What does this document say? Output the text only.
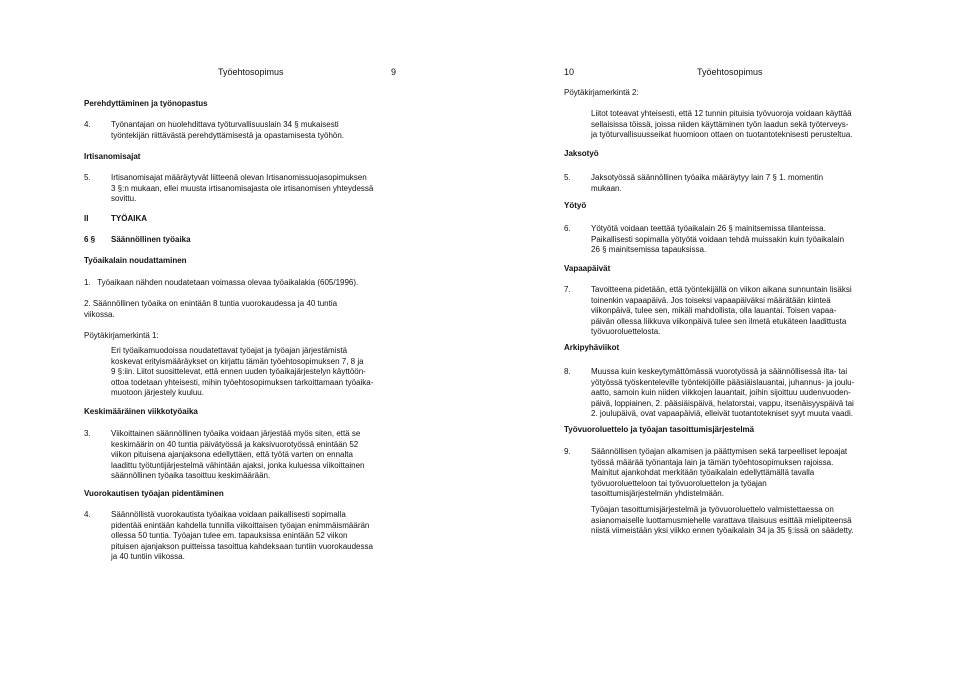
Työehtosopimus	9
Perehdyttäminen ja työnopastus
4.	Työnantajan on huolehdittava työturvallisuuslain 34 § mukaisesti
työntekijän riittävästä perehdyttämisestä ja opastamisesta työhön.
Irtisanomisajat
5.	Irtisanomisajat määräytyvät liitteenä olevan Irtisanomissuojasopimuksen
3 §:n mukaan, ellei muusta irtisanomisajasta ole irtisanomisen yhteydessä
sovittu.
II	TYÖAIKA
6 § Säännöllinen työaika
Työaikalain noudattaminen
1.   Työaikaan nähden noudatetaan voimassa olevaa työaikalakia (605/1996).
2. Säännöllinen työaika on enintään 8 tuntia vuorokaudessa ja 40 tuntia
viikossa.
Pöytäkirjamerkintä 1:
Eri työaikamuodoissa noudatettavat työajat ja työajan järjestämistä
koskevat erityismääräykset on kirjattu tämän työehtosopimuksen 7, 8 ja
9 §:iin. Liitot suosittelevat, että ennen uuden työaikajärjestelyn käyttöön-
ottoa todetaan yhteisesti, mihin työehtosopimuksen tarkoittamaan työaika-
muotoon järjestely kuuluu.
Keskimääräinen viikkotyöaika
3.	Viikoittainen säännöllinen työaika voidaan järjestää myös siten, että se
keskimäärin on 40 tuntia päivätyössä ja kaksivuorotyössä enintään 52
viikon pituisena ajanjaksona edellyttäen, että työtä varten on ennalta
laadittu työtuntijärjestelmä vähintään ajaksi, jonka kuluessa viikoittainen
säännöllinen työaika tasoittuu keskimäärään.
Vuorokautisen työajan pidentäminen
4.	Säännöllistä vuorokautista työaikaa voidaan paikallisesti sopimalla
pidentää enintään kahdella tunnilla viikoittaisen työajan enimmäismäärän
ollessa 50 tuntia. Työajan tulee em. tapauksissa enintään 52 viikon
pituisen ajanjakson puitteissa tasoittua kahdeksaan tuntiin vuorokaudessa
ja 40 tuntiin viikossa.
10	Työehtosopimus
Pöytäkirjamerkintä 2:
Liitot toteavat yhteisesti, että 12 tunnin pituisia työvuoroja voidaan käyttää
sellaisissa töissä, joissa niiden käyttäminen työn laadun sekä työterveys-
ja työturvallisuusseikat huomioon ottaen on tuotantoteknisesti perusteltua.
Jaksotyö
5.	Jaksotyössä säännöllinen työaika määräytyy lain 7 § 1. momentin
mukaan.
Yötyö
6.	Yötyötä voidaan teettää työaikalain 26 § mainitsemissa tilanteissa.
Paikallisesti sopimalla yötyötä voidaan tehdä muissakin kuin työaikalain
26 § mainitsemissa tapauksissa.
Vapaapäivät
7.	Tavoitteena pidetään, että työntekijällä on viikon aikana sunnuntain lisäksi
toinenkin vapaapäivä. Jos toiseksi vapaapäiväksi määrätään kiinteä
viikonpäivä, tulee sen, mikäli mahdollista, olla lauantai. Toisen vapaa-
päivän ollessa liikkuva viikonpäivä tulee sen ilmetä etukäteen laadittusta
työvuoroluettelosta.
Arkipyhäviikot
8.	Muussa kuin keskeytymättömässä vuorotyössä ja säännöllisessä ilta- tai
yötyössä työskenteleville työntekijöille pääsiäislauantai, juhannus- ja joulu-
aatto, samoin kuin niiden viikkojen lauantait, joihin sijoittuu uudenvuoden-
päivä, loppiainen, 2. pääsiäispäivä, helatorstai, vappu, itsenäisyyspäivä tai
2. joulupäivä, ovat vapaapäiviä, elleivät tuotantotekniset syyt muuta vaadi.
Työvuoroluettelo ja työajan tasoittumisjärjestelmä
9.	Säännöllisen työajan alkamisen ja päättymisen sekä tarpeelliset lepoajat
työssä määrää työnantaja lain ja tämän työehtosopimuksen rajoissa.
Mainitut ajankohdat merkitään työaikalain edellyttämällä tavalla
työvuoroluetteloon tai työvuoroluettelon ja työajan
tasoittumisjärjestelmän yhdistelmään.
Työajan tasoittumisjärjestelmä ja työvuoroluettelo valmistettaessa on
asianomaiselle luottamusmiehelle varattava tilaisuus esittää mielipiteensä
niistä viimeistään yksi viikko ennen työaikalain 34 ja 35 §:issä on säädetty.
